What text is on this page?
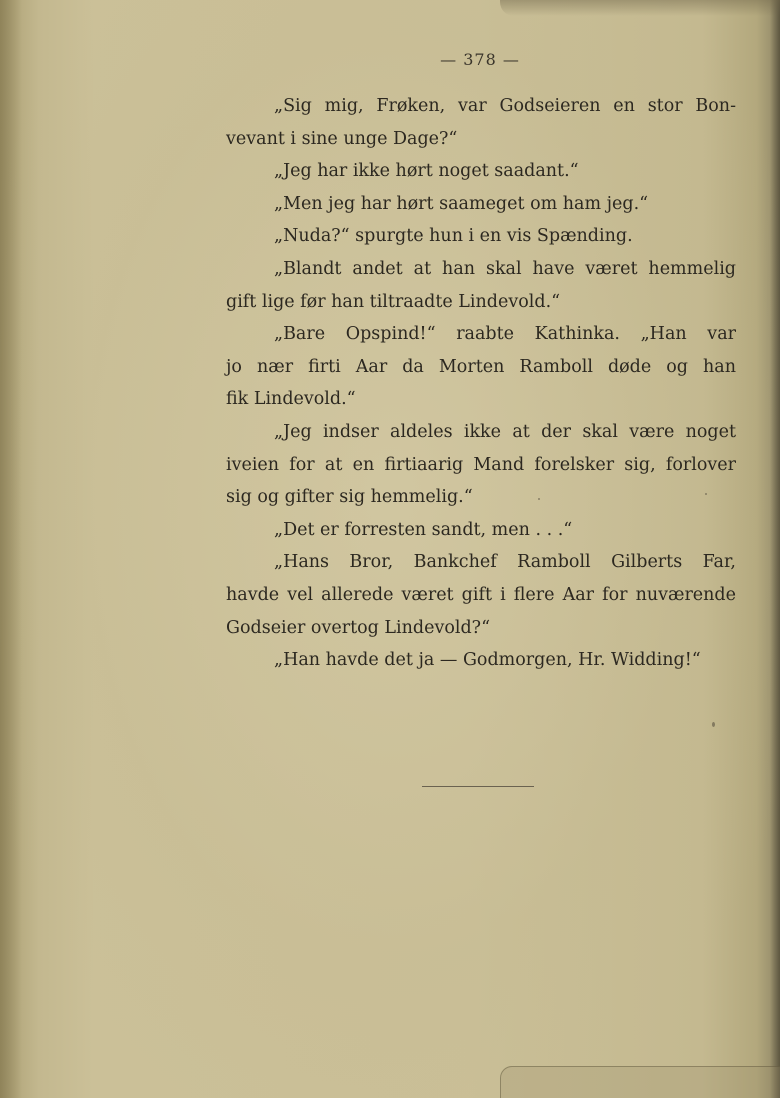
— 378 —
„Sig mig, Frøken, var Godseieren en stor Bon-
vevant i sine unge Dage?“
„Jeg har ikke hørt noget saadant.“
„Men jeg har hørt saameget om ham jeg.“
„Nuda?“ spurgte hun i en vis Spænding.
„Blandt andet at han skal have været hemmelig
gift lige før han tiltraadte Lindevold.“
„Bare Opspind!“ raabte Kathinka. „Han var
jo nær firti Aar da Morten Ramboll døde og han
fik Lindevold.“
„Jeg indser aldeles ikke at der skal være noget
iveien for at en firtiaarig Mand forelsker sig, forlover
sig og gifter sig hemmelig.“
„Det er forresten sandt, men . . .“
„Hans Bror, Bankchef Ramboll Gilberts Far,
havde vel allerede været gift i flere Aar for nuværende
Godseier overtog Lindevold?“
„Han havde det ja — Godmorgen, Hr. Widding!“
